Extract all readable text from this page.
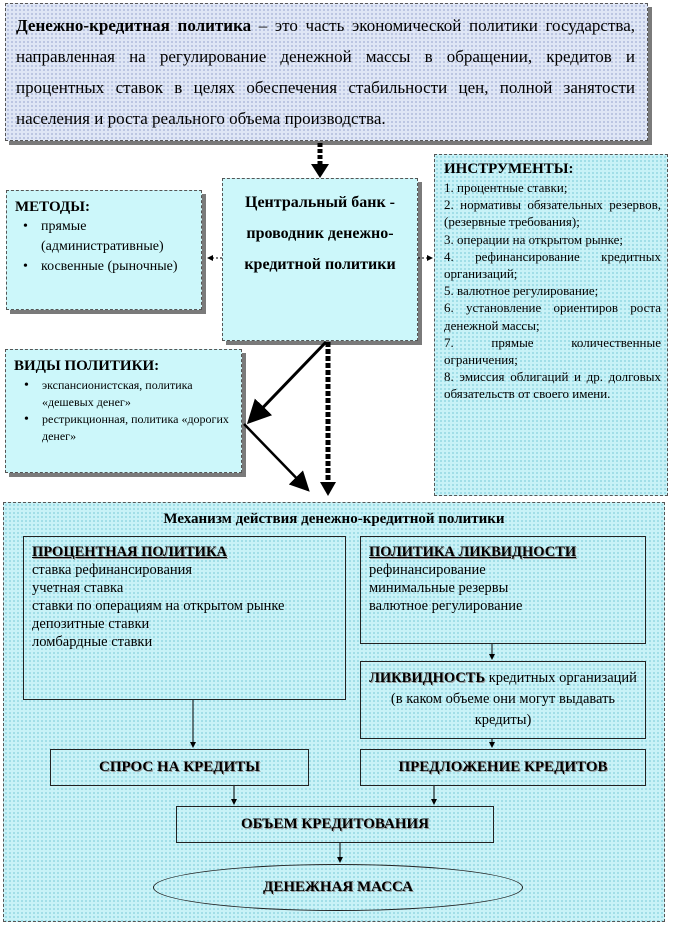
Денежно-кредитная политика – это часть экономической политики государства, направленная на регулирование денежной массы в обращении, кредитов и процентных ставок в целях обеспечения стабильности цен, полной занятости населения и роста реального объема производства.
МЕТОДЫ:
• прямые (административные)
• косвенные (рыночные)
Центральный банк - проводник денежно-кредитной политики
ИНСТРУМЕНТЫ:
1. процентные ставки;
2. нормативы обязательных резервов, (резервные требования);
3. операции на открытом рынке;
4. рефинансирование кредитных организаций;
5. валютное регулирование;
6. установление ориентиров роста денежной массы;
7. прямые количественные ограничения;
8. эмиссия облигаций и др. долговых обязательств от своего имени.
ВИДЫ ПОЛИТИКИ:
• экспансионистская, политика «дешевых денег»
• рестрикционная, политика «дорогих денег»
Механизм действия денежно-кредитной политики
ПРОЦЕНТНАЯ ПОЛИТИКА
ставка рефинансирования
учетная ставка
ставки по операциям на открытом рынке
депозитные ставки
ломбардные ставки
ПОЛИТИКА ЛИКВИДНОСТИ
рефинансирование
минимальные резервы
валютное регулирование
ЛИКВИДНОСТЬ кредитных организаций (в каком объеме они могут выдавать кредиты)
СПРОС НА КРЕДИТЫ	ПРЕДЛОЖЕНИЕ КРЕДИТОВ
ОБЪЕМ КРЕДИТОВАНИЯ
ДЕНЕЖНАЯ МАССА
